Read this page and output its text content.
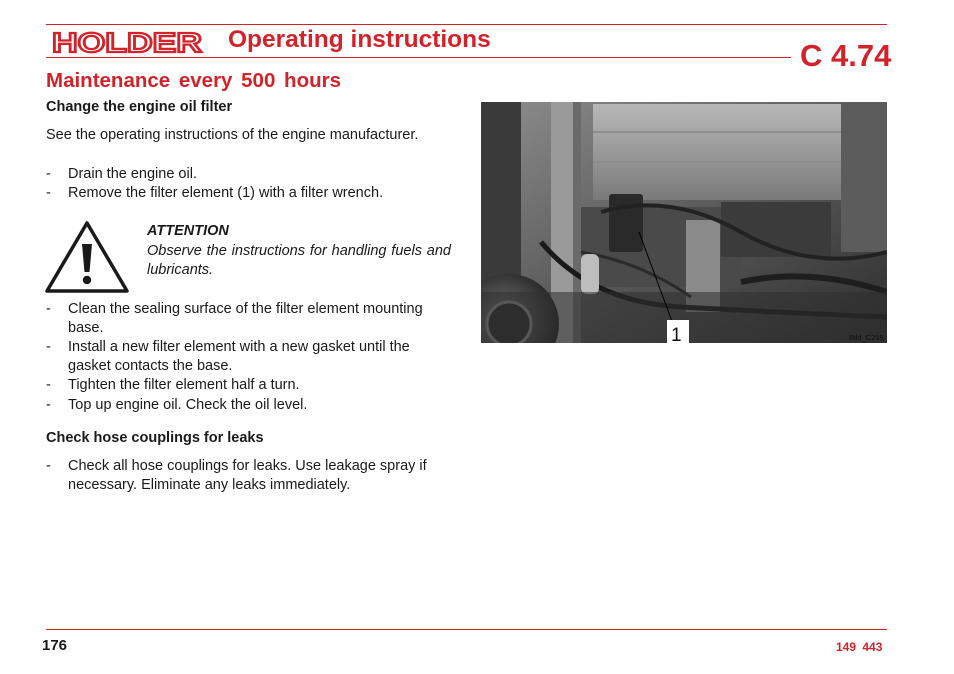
HOLDER Operating instructions	C 4.74
Maintenance every 500 hours
Change the engine oil filter
See the operating instructions of the engine manufacturer.
- Drain the engine oil.
- Remove the filter element (1) with a filter wrench.
ATTENTION
Observe the instructions for handling fuels and lubricants.
- Clean the sealing surface of the filter element mounting base.
- Install a new filter element with a new gasket until the gasket contacts the base.
- Tighten the filter element half a turn.
- Top up engine oil. Check the oil level.
Check hose couplings for leaks
- Check all hose couplings for leaks. Use leakage spray if necessary. Eliminate any leaks immediately.
1	Bild_C255
176	149 443
